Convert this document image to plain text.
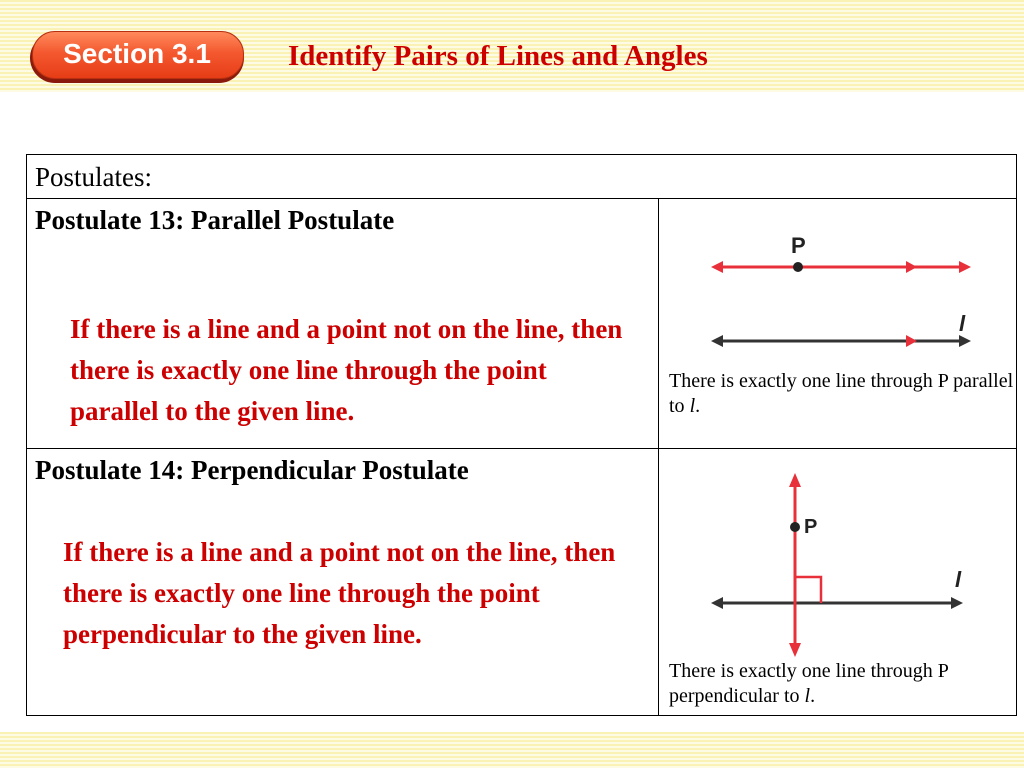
Section 3.1	Identify Pairs of Lines and Angles
Postulates:	

Postulate 13: Parallel Postulate
If there is a line and a point not on the line, then there is exactly one line through the point parallel to the given line.	P
l
There is exactly one line through P parallel to l.

Postulate 14: Perpendicular Postulate
If there is a line and a point not on the line, then there is exactly one line through the point perpendicular to the given line.	l
P
There is exactly one line through P perpendicular to l.
